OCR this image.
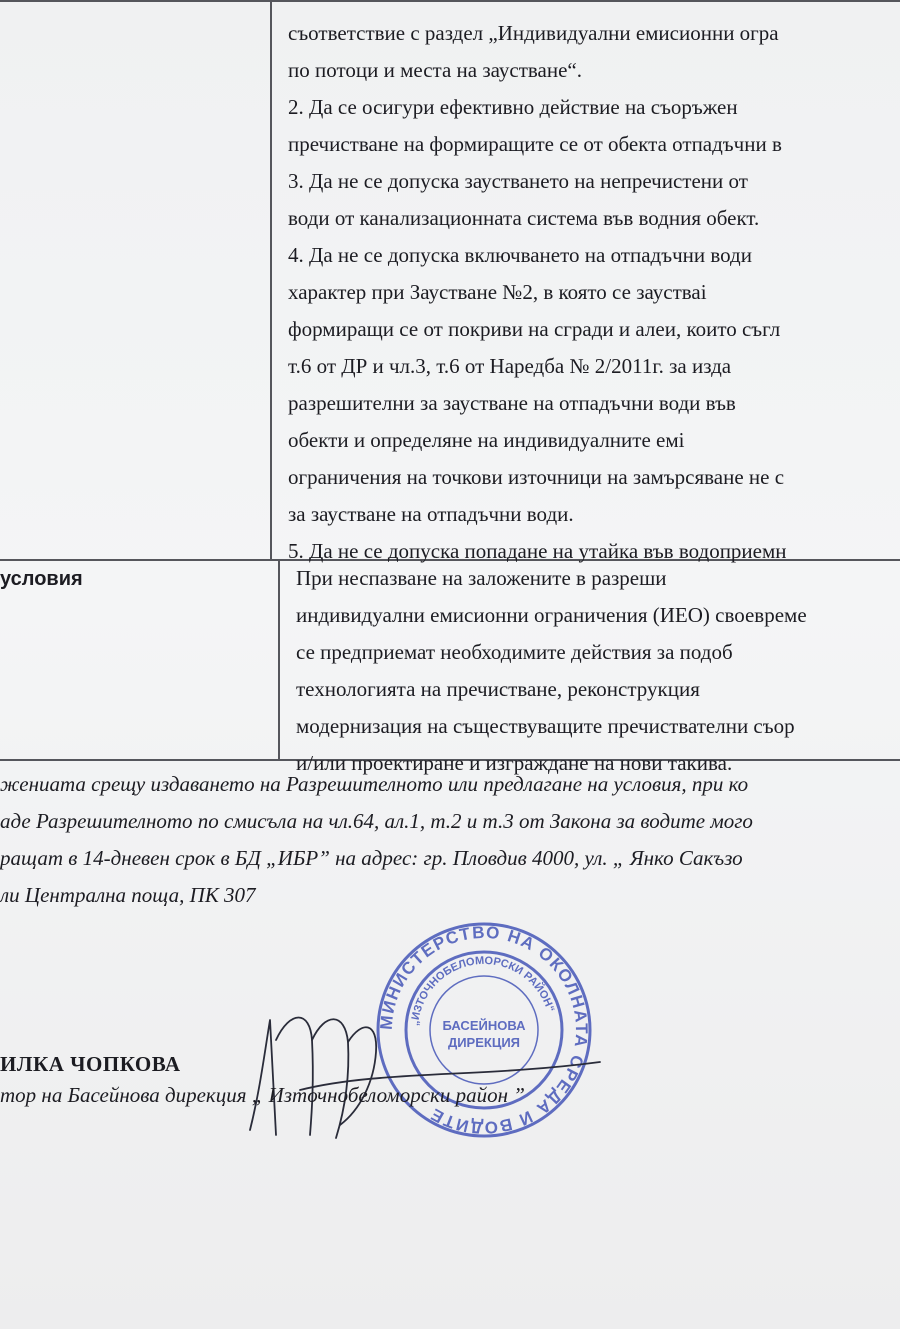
съответствие с раздел „Индивидуални емисионни огра
по потоци и места на заустване“.
2. Да се осигури ефективно действие на съоръжен
пречистване на формиращите се от обекта отпадъчни в
3. Да не се допуска заустването на непречистени от
води от канализационната система във водния обект.
4. Да не се допуска включването на отпадъчни води
характер при Заустване №2, в която се заустваі
формиращи се от покриви на сгради и алеи, които съгл
т.6 от ДР и чл.3, т.6 от Наредба № 2/2011г. за изда
разрешителни за заустване на отпадъчни води във
обекти и определяне на индивидуалните емі
ограничения на точкови източници на замърсяване не с
за заустване на отпадъчни води.
5. Да не се допуска попадане на утайка във водоприемн
условия	При неспазване на заложените в разреши
индивидуални емисионни ограничения (ИЕО) своевреме
се предприемат необходимите действия за подоб
технологията на пречистване, реконструкция
модернизация на съществуващите пречиствателни съор
и/или проектиране и изграждане на нови такива.
жениата срещу издаването на Разрешителното или предлагане на условия, при ко
аде Разрешителното по смисъла на чл.64, ал.1, т.2 и т.3 от Закона за водите мого
ращат в 14-дневен срок в БД „ИБР” на адрес: гр. Пловдив 4000, ул. „ Янко Сакъзо
ли Централна поща, ПК 307
МИНИСТЕРСТВО НА ОКОЛНАТА СРЕДА И ВОДИТЕ
„ИЗТОЧНОБЕЛОМОРСКИ РАЙОН“
БАСЕЙНОВА
ДИРЕКЦИЯ
ИЛКА ЧОПКОВА
тор на Басейнова дирекция „ Източнобеломорски район ”
